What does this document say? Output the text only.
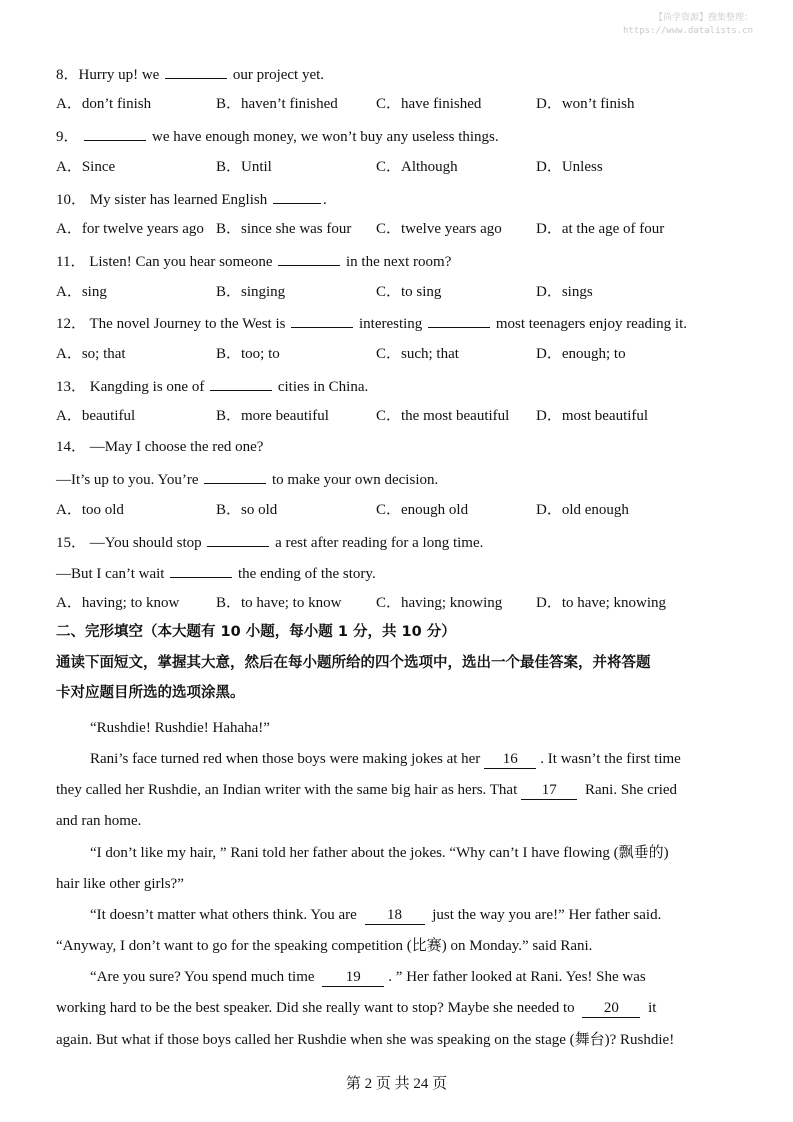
【尚学资源】搜集整理：
https://www.datalists.cn
8．Hurry up! we	our project yet.
A．don’t finish	B．haven’t finished	C．have finished	D．won’t finish
9．	we have enough money, we won’t buy any useless things.
A．Since	B．Until	C．Although	D．Unless
10． My sister has learned English	.
A．for twelve years ago B．since she was four C．twelve years ago D．at the age of four
11． Listen! Can you hear someone	in the next room?
A．sing	B．singing	C．to sing	D．sings
12． The novel Journey to the West is	interesting	most teenagers enjoy reading it.
A．so; that	B．too; to	C．such; that	D．enough; to
13． Kangding is one of	cities in China.
A．beautiful	B．more beautiful	C．the most beautiful D．most beautiful
14． —May I choose the red one?
—It’s up to you. You’re	to make your own decision.
A．too old	B．so old	C．enough old	D．old enough
15． —You should stop	a rest after reading for a long time.
—But I can’t wait	the ending of the story.
A．having; to know B．to have; to know C．having; knowing D．to have; knowing
二、完形填空（本大题有 10 小题，每小题 1 分，共 10 分）
通读下面短文，掌握其大意，然后在每小题所给的四个选项中，选出一个最佳答案，并将答题
卡对应题目所选的选项涂黑。
“Rushdie! Rushdie! Hahaha!”
Rani’s face turned red when those boys were making jokes at her 16 . It wasn’t the first time
they called her Rushdie, an Indian writer with the same big hair as hers. That 17 Rani. She cried
and ran home.
“I don’t like my hair, ” Rani told her father about the jokes. “Why can’t I have flowing (飘垂的)
hair like other girls?”
“It doesn’t matter what others think. You are 18 just the way you are!” Her father said.
“Anyway, I don’t want to go for the speaking competition (比赛) on Monday.” said Rani.
“Are you sure? You spend much time 19 . ” Her father looked at Rani. Yes! She was
working hard to be the best speaker. Did she really want to stop? Maybe she needed to 20 it
again. But what if those boys called her Rushdie when she was speaking on the stage (舞台)? Rushdie!
第 2 页 共 24 页
